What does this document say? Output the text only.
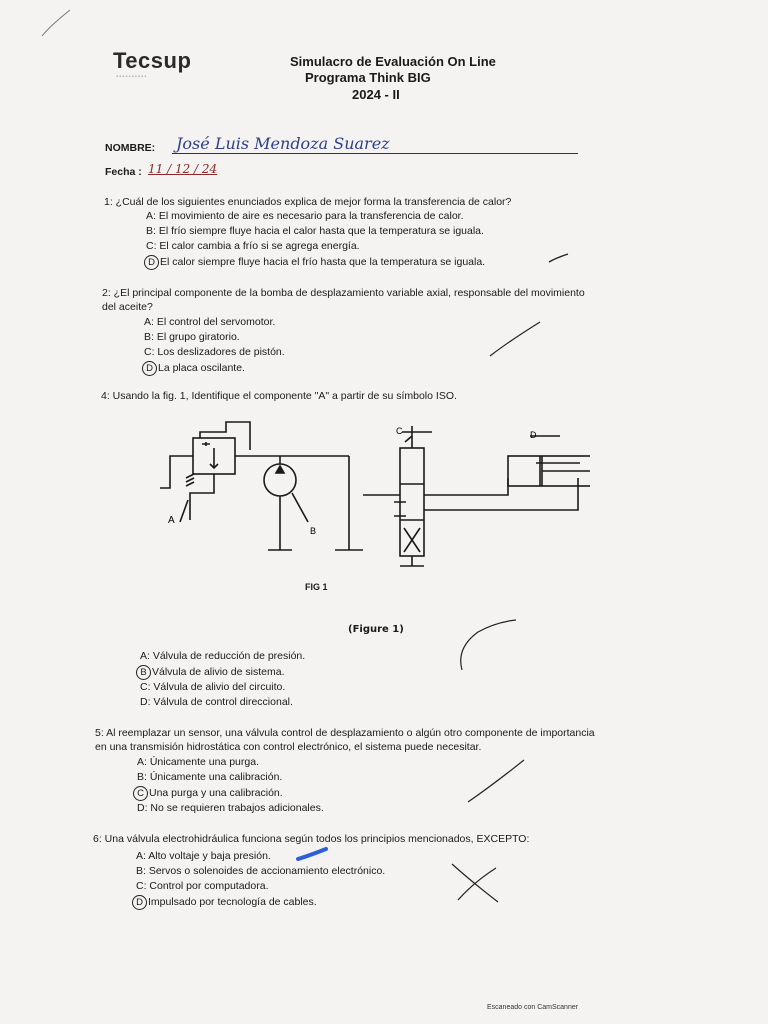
Tecsup
▪▪▪▪▪▪▪▪▪▪
Simulacro de Evaluación On Line
Programa Think BIG
2024 - II
NOMBRE: José Luis Mendoza Suarez
Fecha : 11 / 12 / 24
1: ¿Cuál de los siguientes enunciados explica de mejor forma la transferencia de calor?
A: El movimiento de aire es necesario para la transferencia de calor.
B: El frío siempre fluye hacia el calor hasta que la temperatura se iguala.
C: El calor cambia a frío si se agrega energía.
D El calor siempre fluye hacia el frío hasta que la temperatura se iguala.
2: ¿El principal componente de la bomba de desplazamiento variable axial, responsable del movimiento
del aceite?
A: El control del servomotor.
B: El grupo giratorio.
C: Los deslizadores de pistón.
D La placa oscilante.
4: Usando la fig. 1, Identifique el componente "A" a partir de su símbolo ISO.
A
B
C	D
FIG 1
(Figure 1)
A: Válvula de reducción de presión.
B Válvula de alivio de sistema.
C: Válvula de alivio del circuito.
D: Válvula de control direccional.
5: Al reemplazar un sensor, una válvula control de desplazamiento o algún otro componente de importancia
en una transmisión hidrostática con control electrónico, el sistema puede necesitar.
A: Únicamente una purga.
B: Únicamente una calibración.
C Una purga y una calibración.
D: No se requieren trabajos adicionales.
6: Una válvula electrohidráulica funciona según todos los principios mencionados, EXCEPTO:
A: Alto voltaje y baja presión.
B: Servos o solenoides de accionamiento electrónico.
C: Control por computadora.
D Impulsado por tecnología de cables.
Escaneado con CamScanner
